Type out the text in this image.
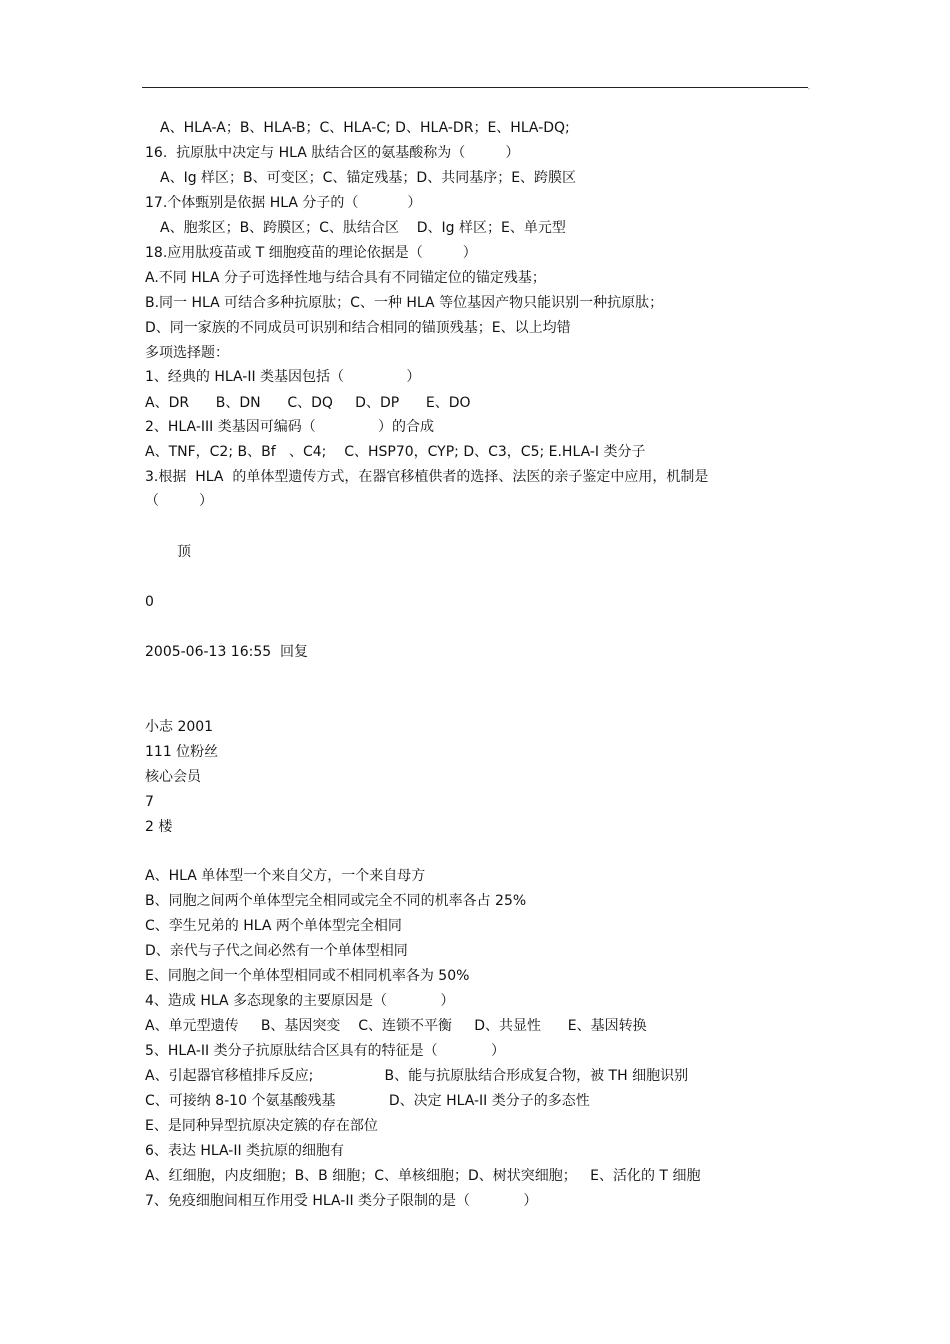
,
A、HLA-A；B、HLA-B；C、HLA-C; D、HLA-DR；E、HLA-DQ;
16.  抗原肽中决定与 HLA 肽结合区的氨基酸称为（         ）
A、Ig 样区；B、可变区；C、锚定残基；D、共同基序；E、跨膜区
17.个体甄别是依据 HLA 分子的（           ）
A、胞浆区；B、跨膜区；C、肽结合区    D、Ig 样区；E、单元型
18.应用肽疫苗或 T 细胞疫苗的理论依据是（         ）
A.不同 HLA 分子可选择性地与结合具有不同锚定位的锚定残基；
B.同一 HLA 可结合多种抗原肽；C、一种 HLA 等位基因产物只能识别一种抗原肽；
D、同一家族的不同成员可识别和结合相同的锚顶残基；E、以上均错
多项选择题：
1、经典的 HLA-II 类基因包括（              ）
A、DR      B、DN      C、DQ     D、DP      E、DO
2、HLA-III 类基因可编码（              ）的合成
A、TNF，C2; B、Bf   、C4;    C、HSP70，CYP; D、C3，C5; E.HLA-I 类分子
3.根据  HLA  的单体型遗传方式，在器官移植供者的选择、法医的亲子鉴定中应用，机制是
（         ）
顶
0
2005-06-13 16:55  回复
小志 2001
111 位粉丝
核心会员
7
2 楼
A、HLA 单体型一个来自父方，一个来自母方
B、同胞之间两个单体型完全相同或完全不同的机率各占 25%
C、孪生兄弟的 HLA 两个单体型完全相同
D、亲代与子代之间必然有一个单体型相同
E、同胞之间一个单体型相同或不相同机率各为 50%
4、造成 HLA 多态现象的主要原因是（            ）
A、单元型遗传     B、基因突变    C、连锁不平衡     D、共显性      E、基因转换
5、HLA-II 类分子抗原肽结合区具有的特征是（            ）
A、引起器官移植排斥反应;                B、能与抗原肽结合形成复合物，被 TH 细胞识别
C、可接纳 8-10 个氨基酸残基            D、决定 HLA-II 类分子的多态性
E、是同种异型抗原决定簇的存在部位
6、表达 HLA-II 类抗原的细胞有
A、红细胞，内皮细胞；B、B 细胞；C、单核细胞；D、树状突细胞；   E、活化的 T 细胞
7、免疫细胞间相互作用受 HLA-II 类分子限制的是（            ）
